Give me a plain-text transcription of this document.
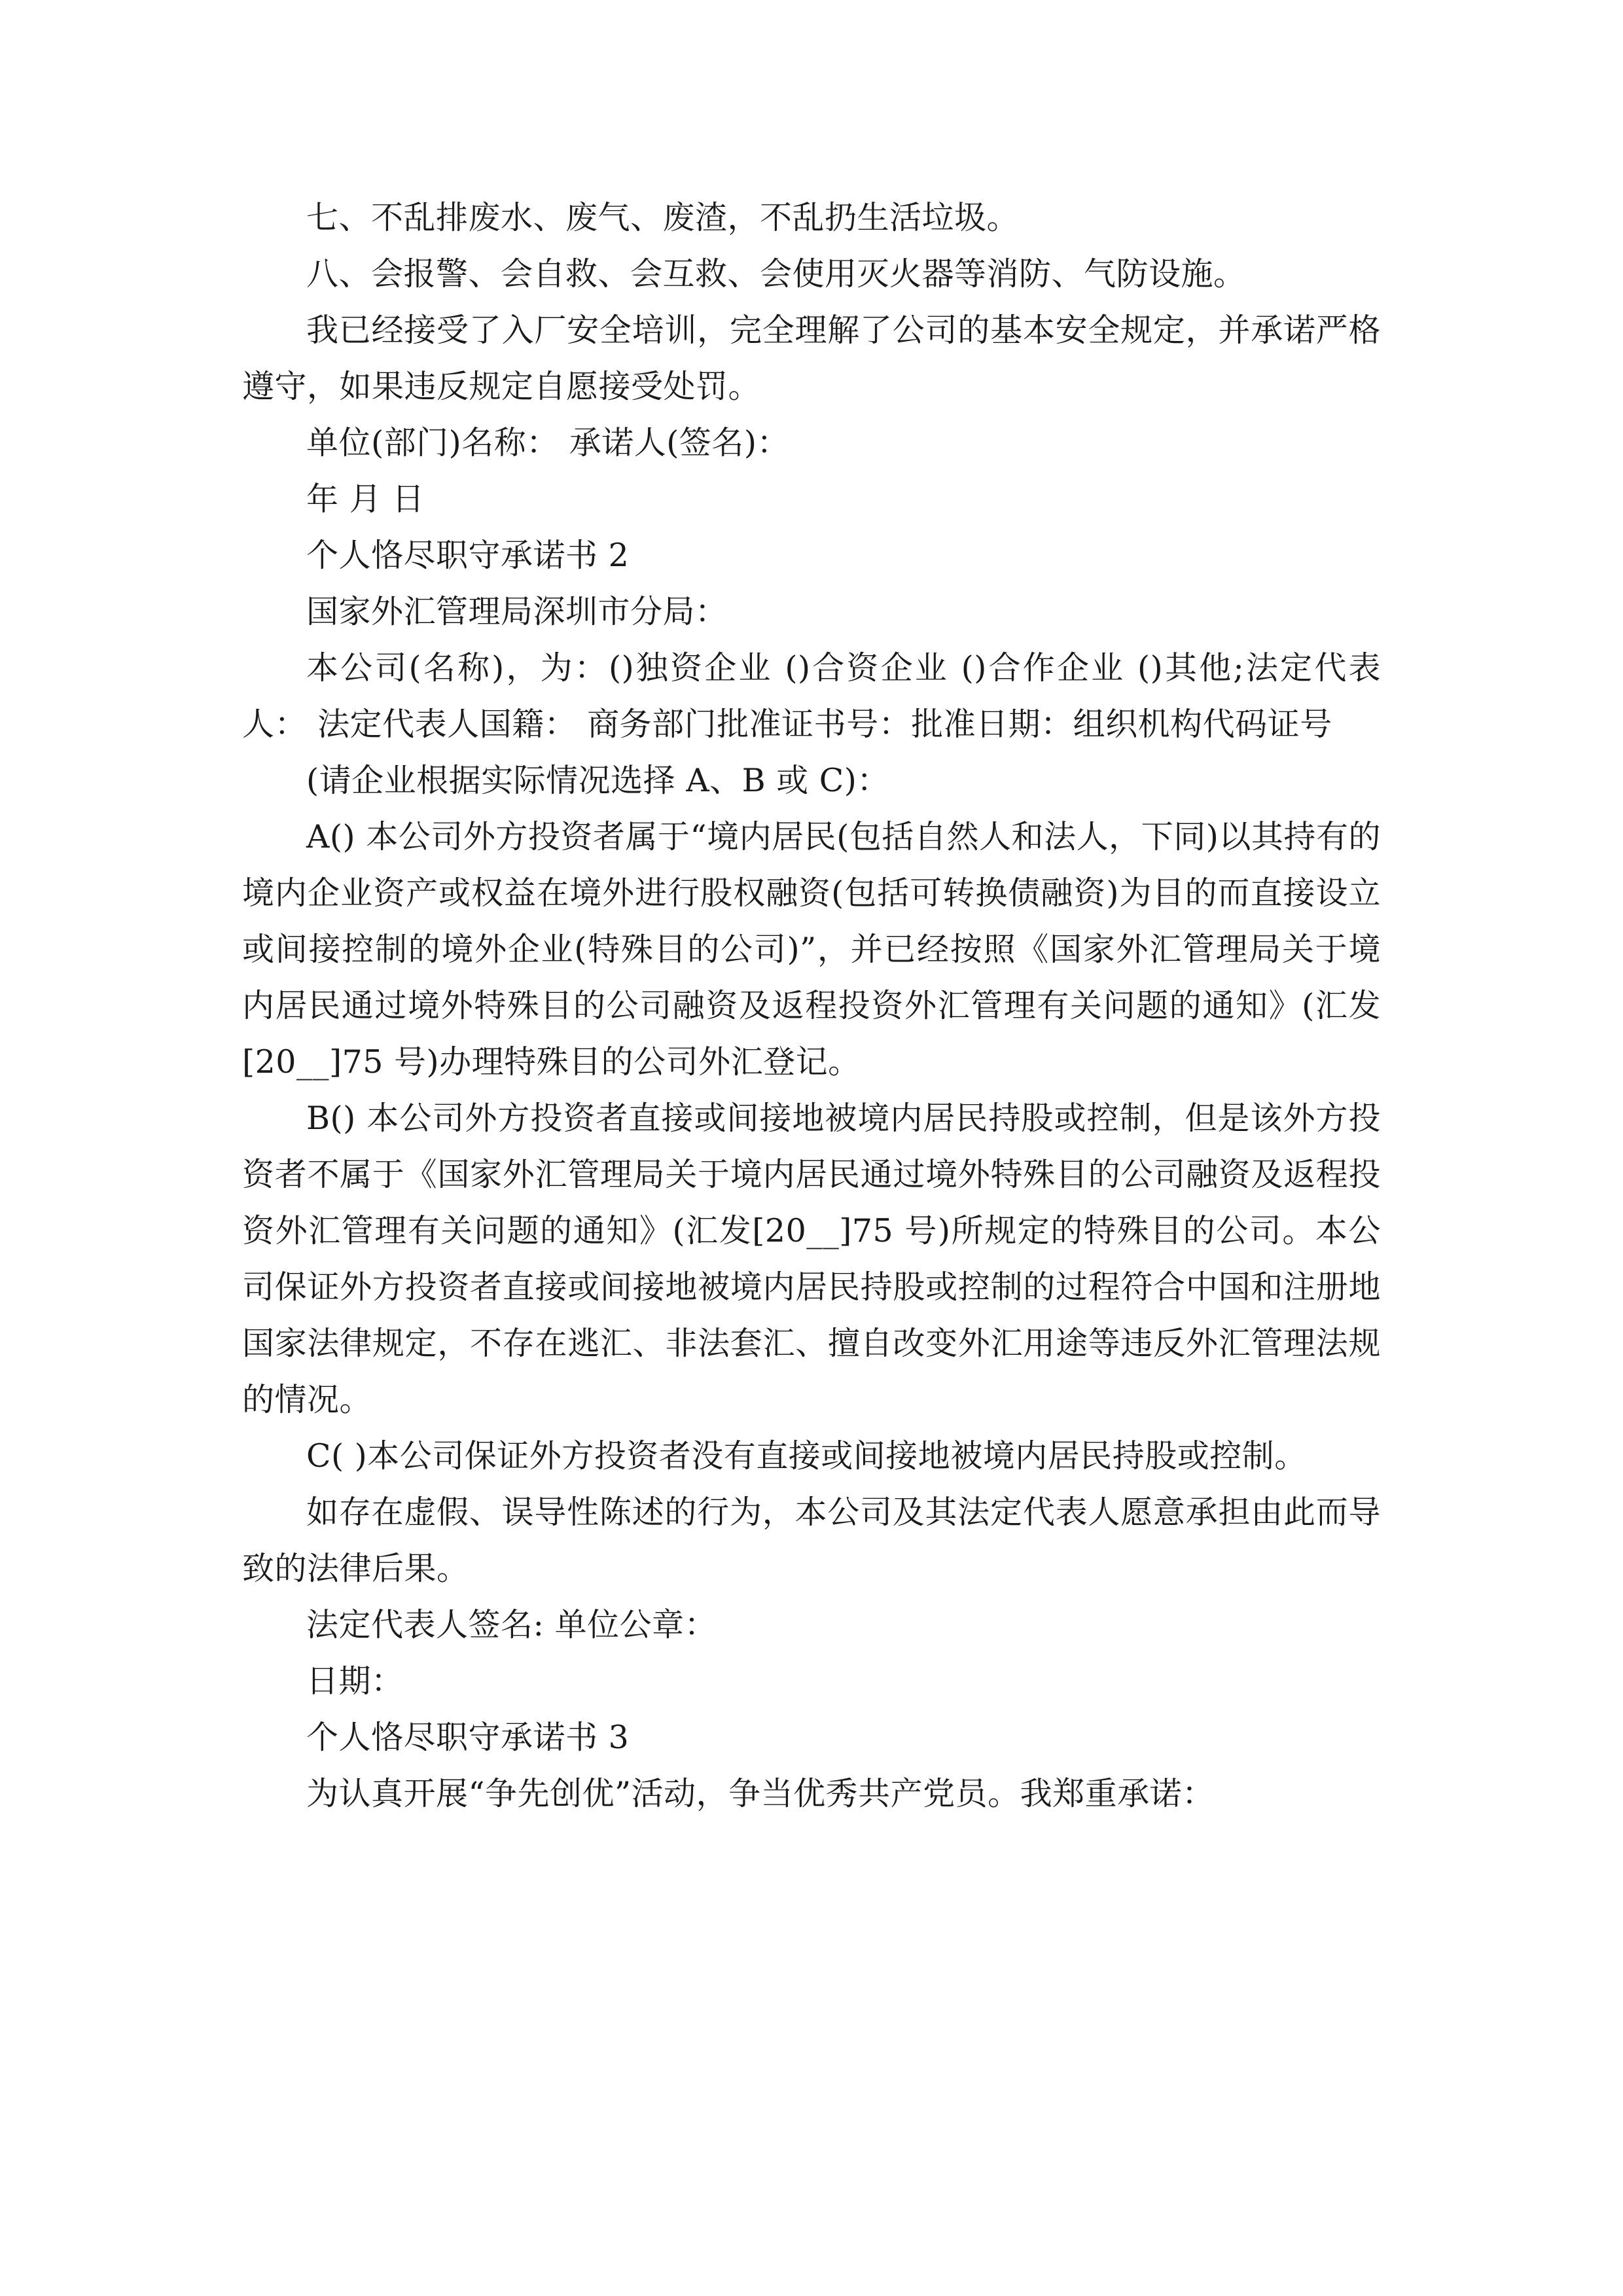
七、不乱排废水、废气、废渣，不乱扔生活垃圾。

八、会报警、会自救、会互救、会使用灭火器等消防、气防设施。

我已经接受了入厂安全培训，完全理解了公司的基本安全规定，并承诺严格遵守，如果违反规定自愿接受处罚。

单位(部门)名称： 承诺人(签名)：

年 月 日

个人恪尽职守承诺书 2

国家外汇管理局深圳市分局：

本公司(名称)，为：()独资企业 ()合资企业 ()合作企业 ()其他;法定代表人： 法定代表人国籍： 商务部门批准证书号：批准日期：组织机构代码证号

(请企业根据实际情况选择 A、B 或 C)：

A() 本公司外方投资者属于“境内居民(包括自然人和法人，下同)以其持有的境内企业资产或权益在境外进行股权融资(包括可转换债融资)为目的而直接设立或间接控制的境外企业(特殊目的公司)”，并已经按照《国家外汇管理局关于境内居民通过境外特殊目的公司融资及返程投资外汇管理有关问题的通知》(汇发[20__]75 号)办理特殊目的公司外汇登记。

B() 本公司外方投资者直接或间接地被境内居民持股或控制，但是该外方投资者不属于《国家外汇管理局关于境内居民通过境外特殊目的公司融资及返程投资外汇管理有关问题的通知》(汇发[20__]75 号)所规定的特殊目的公司。本公司保证外方投资者直接或间接地被境内居民持股或控制的过程符合中国和注册地国家法律规定，不存在逃汇、非法套汇、擅自改变外汇用途等违反外汇管理法规的情况。

C( )本公司保证外方投资者没有直接或间接地被境内居民持股或控制。

如存在虚假、误导性陈述的行为，本公司及其法定代表人愿意承担由此而导致的法律后果。

法定代表人签名: 单位公章：

日期：

个人恪尽职守承诺书 3

为认真开展“争先创优”活动，争当优秀共产党员。我郑重承诺：
